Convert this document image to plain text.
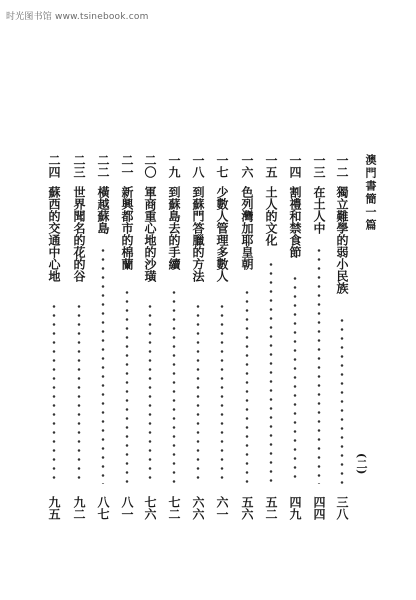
时光图书馆 www.tsinebook.com
澳門書簡一篇
(二)
一二
獨立難學的弱小民族
三八
一三
在土人中
四四
一四
割禮和禁食節
四九
一五
土人的文化
五二
一六
色列灣加耶皇朝
五六
一七
少數人管理多數人
六一
一八
到蘇門答臘的方法
六六
一九
到蘇島去的手續
七二
二〇
軍商重心地的沙璜
七六
二一
新興都市的棉蘭
八一
二二
橫越蘇島
八七
二三
世界聞名的花的谷
九二
二四
蘇西的交通中心地
九五
